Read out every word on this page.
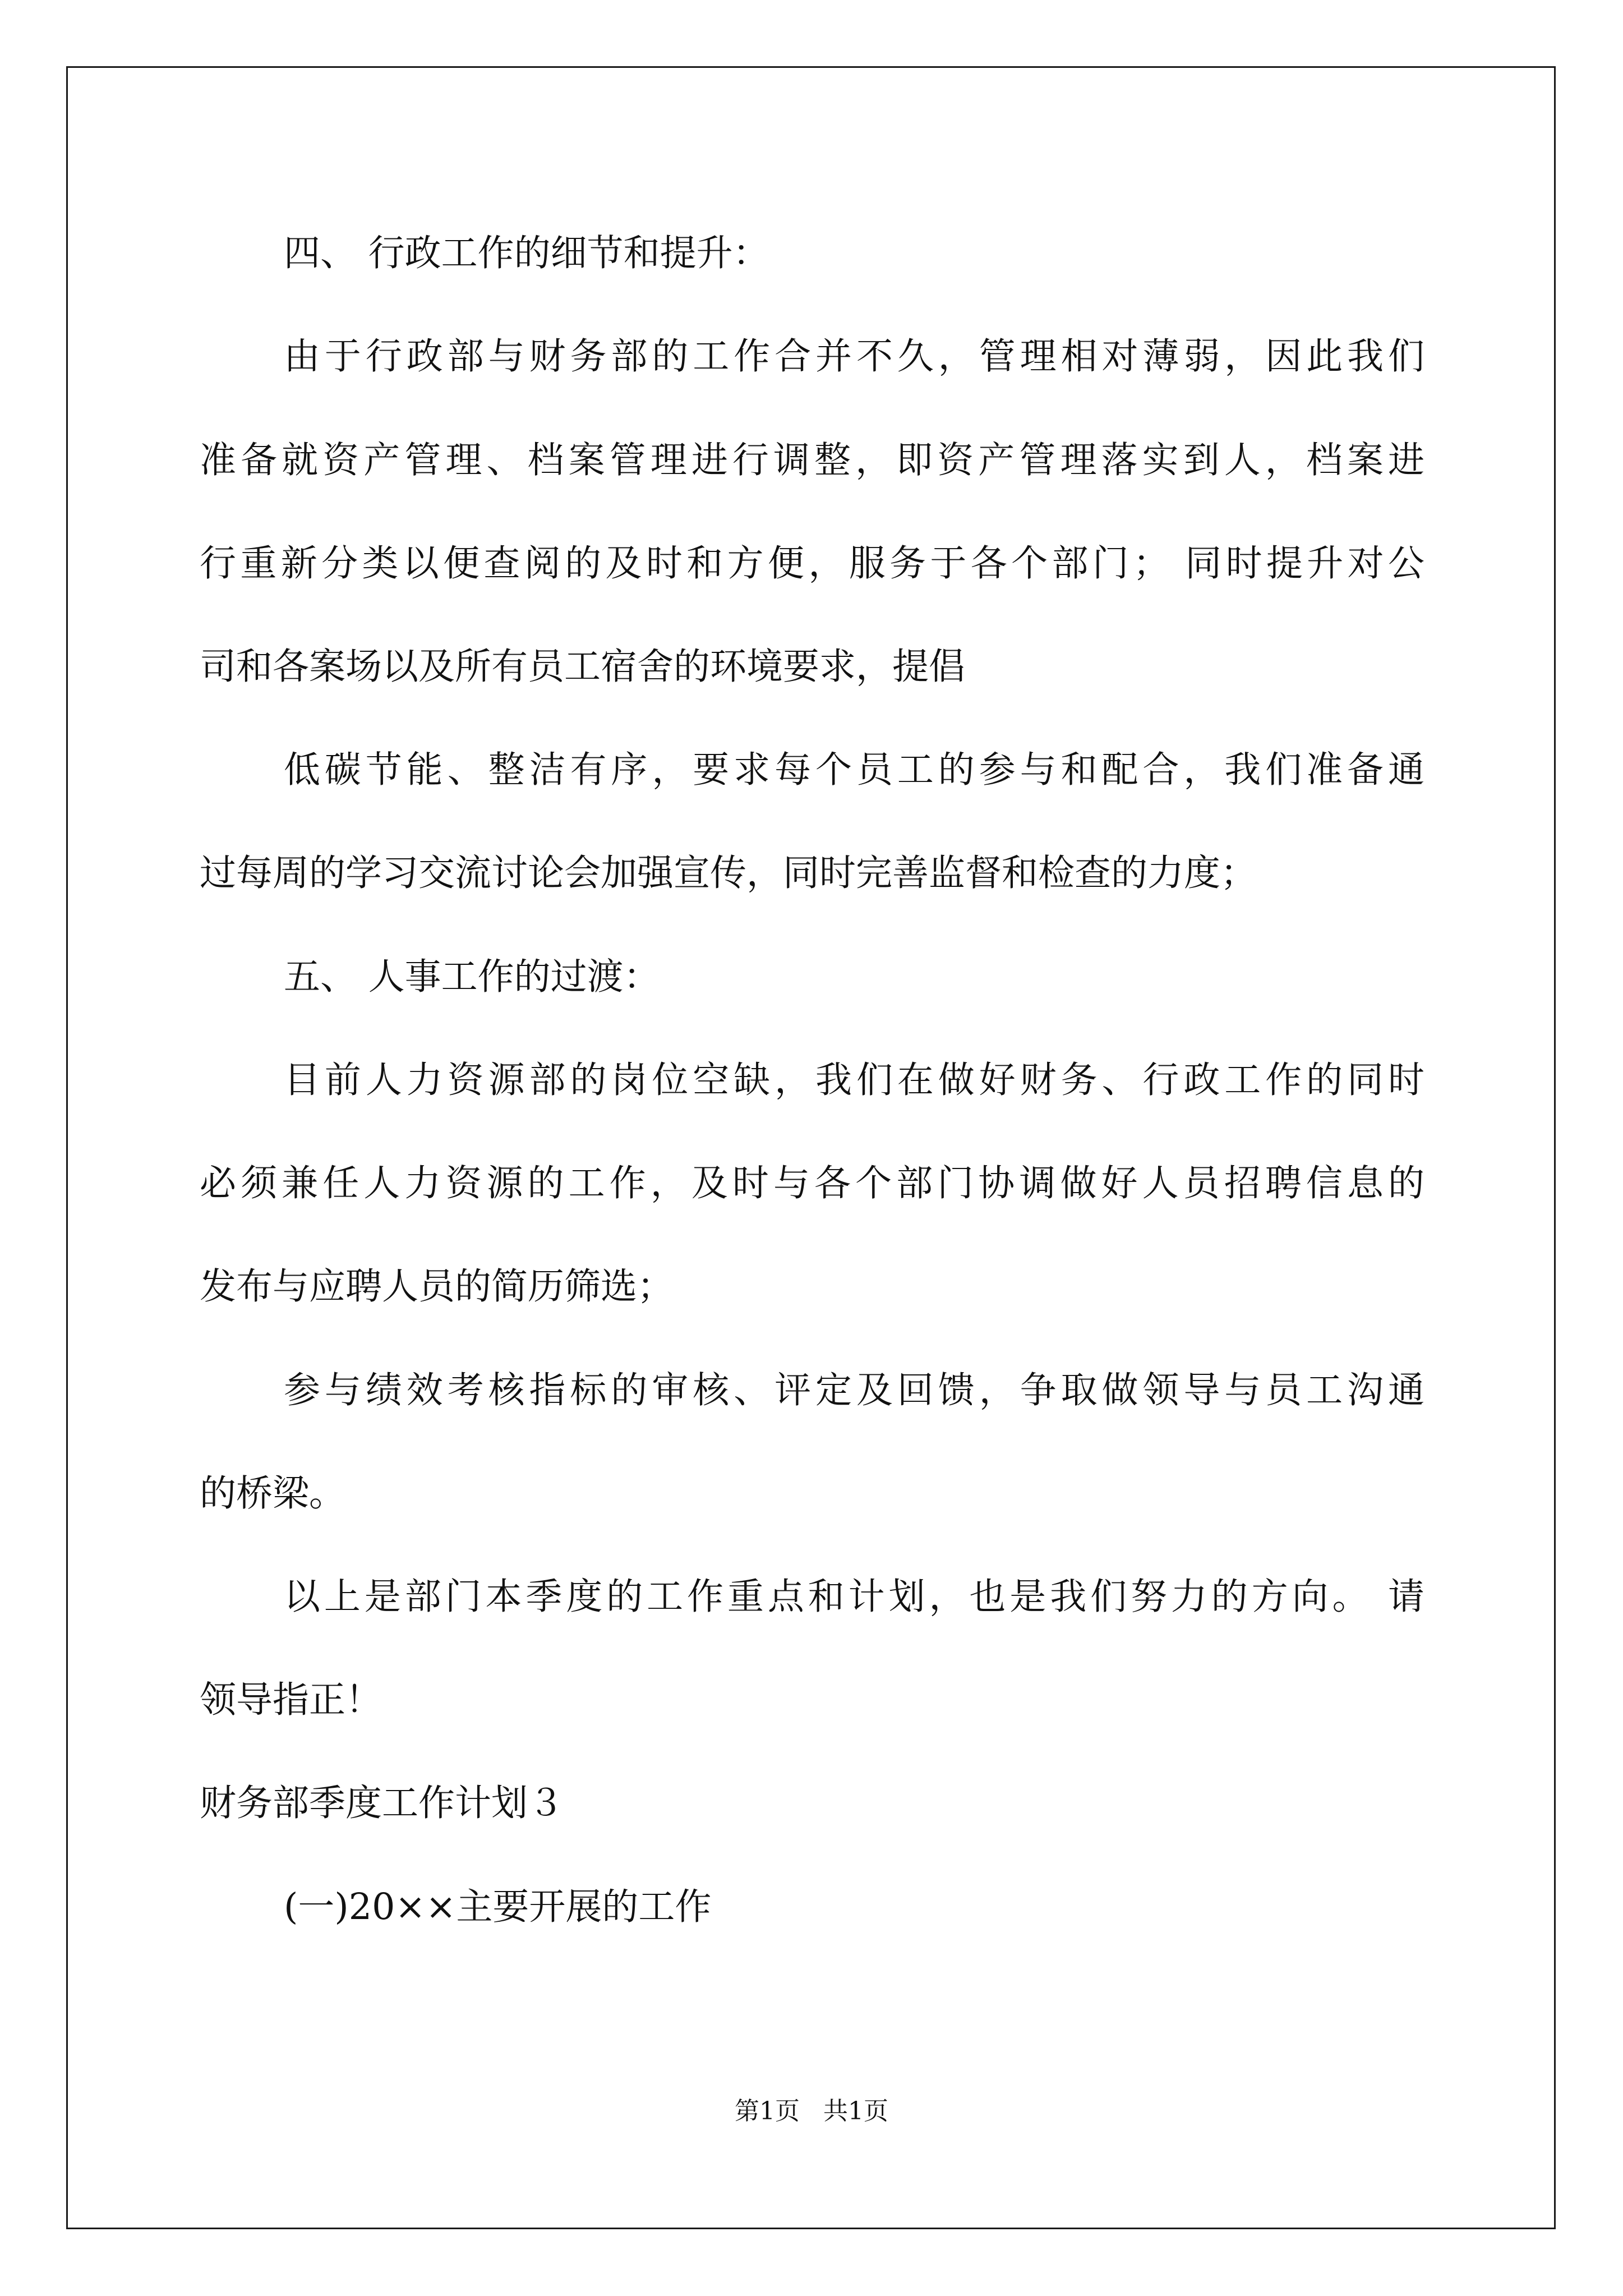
四、 行政工作的细节和提升：
由于行政部与财务部的工作合并不久，管理相对薄弱，因此我们
准备就资产管理、档案管理进行调整，即资产管理落实到人，档案进
行重新分类以便查阅的及时和方便，服务于各个部门； 同时提升对公
司和各案场以及所有员工宿舍的环境要求，提倡
低碳节能、整洁有序，要求每个员工的参与和配合，我们准备通
过每周的学习交流讨论会加强宣传，同时完善监督和检查的力度；
五、 人事工作的过渡：
目前人力资源部的岗位空缺，我们在做好财务、行政工作的同时
必须兼任人力资源的工作，及时与各个部门协调做好人员招聘信息的
发布与应聘人员的简历筛选；
参与绩效考核指标的审核、评定及回馈，争取做领导与员工沟通
的桥梁。
以上是部门本季度的工作重点和计划，也是我们努力的方向。 请
领导指正！
财务部季度工作计划３
(一)20××主要开展的工作
第1页   共1页
